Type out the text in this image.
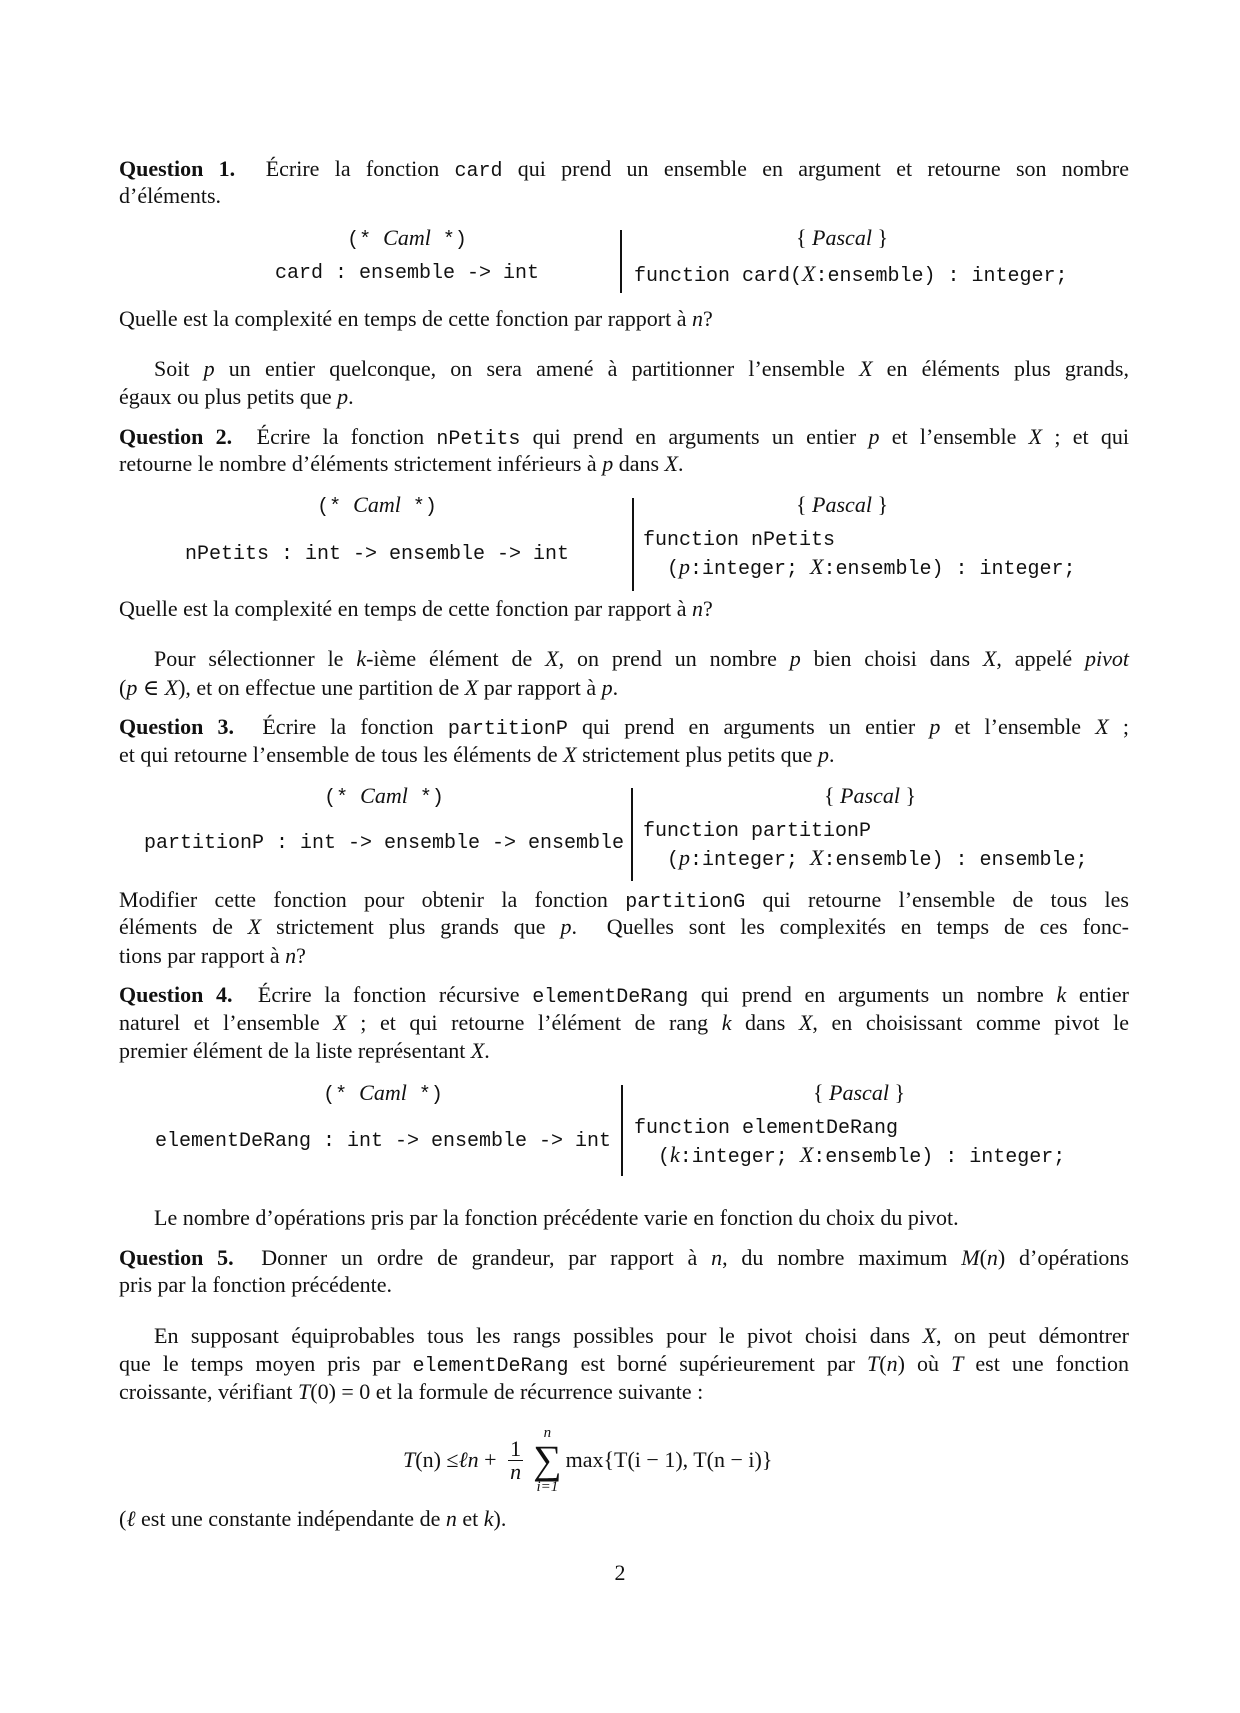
T (n) ≤ ℓn + $\frac{1}{n}$
n
∑
i=1
max{T(i − 1), T(n − i)}
2
Question 1.  Écrire la fonction card qui prend un ensemble en argument et retourne son nombre
d’éléments.
Quelle est la complexité en temps de cette fonction par rapport à n?
Soit p un entier quelconque, on sera amené à partitionner l’ensemble X en éléments plus grands,
égaux ou plus petits que p.
Question 2.  Écrire la fonction nPetits qui prend en arguments un entier p et l’ensemble X ; et qui
retourne le nombre d’éléments strictement inférieurs à p dans X.
Quelle est la complexité en temps de cette fonction par rapport à n?
Pour sélectionner le k-ième élément de X, on prend un nombre p bien choisi dans X, appelé pivot
(p ∈ X), et on effectue une partition de X par rapport à p.
Question 3.  Écrire la fonction partitionP qui prend en arguments un entier p et l’ensemble X ;
et qui retourne l’ensemble de tous les éléments de X strictement plus petits que p.
Modifier cette fonction pour obtenir la fonction partitionG qui retourne l’ensemble de tous les
éléments de X strictement plus grands que p.  Quelles sont les complexités en temps de ces fonc-
tions par rapport à n?
Question 4.  Écrire la fonction récursive elementDeRang qui prend en arguments un nombre k entier
naturel et l’ensemble X ; et qui retourne l’élément de rang k dans X, en choisissant comme pivot le
premier élément de la liste représentant X.
Le nombre d’opérations pris par la fonction précédente varie en fonction du choix du pivot.
Question 5.  Donner un ordre de grandeur, par rapport à n, du nombre maximum M(n) d’opérations
pris par la fonction précédente.
En supposant équiprobables tous les rangs possibles pour le pivot choisi dans X, on peut démontrer
que le temps moyen pris par elementDeRang est borné supérieurement par T(n) où T est une fonction
croissante, vérifiant T(0) = 0 et la formule de récurrence suivante :
(ℓ est une constante indépendante de n et k).
(* Caml *)
card : ensemble -> int
{ Pascal }
function card(X:ensemble) : integer;
(* Caml *)
nPetits : int -> ensemble -> int
{ Pascal }
function nPetits
(p:integer; X:ensemble) : integer;
(* Caml *)
partitionP : int -> ensemble -> ensemble
{ Pascal }
function partitionP
(p:integer; X:ensemble) : ensemble;
(* Caml *)
elementDeRang : int -> ensemble -> int
{ Pascal }
function elementDeRang
(k:integer; X:ensemble) : integer;
